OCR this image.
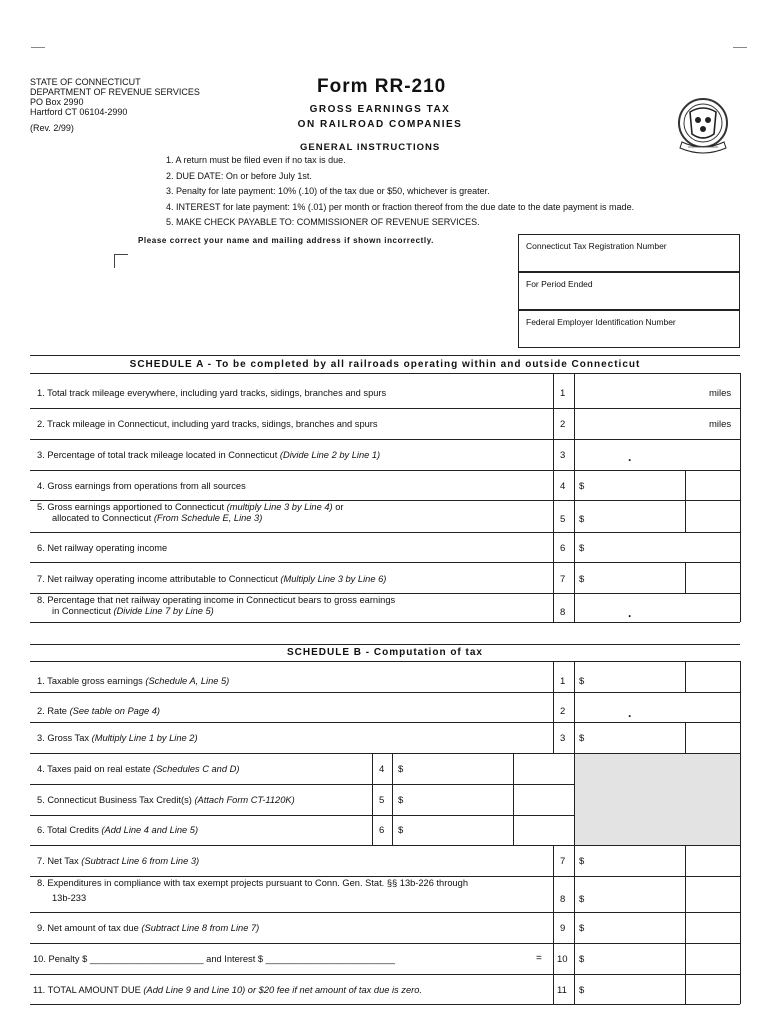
STATE OF CONNECTICUT
DEPARTMENT OF REVENUE SERVICES
PO Box 2990
Hartford CT 06104-2990
(Rev. 2/99)
Form RR-210
GROSS EARNINGS TAX
ON RAILROAD COMPANIES
GENERAL INSTRUCTIONS
1. A return must be filed even if no tax is due.
2. DUE DATE: On or before July 1st.
3. Penalty for late payment: 10% (.10) of the tax due or $50, whichever is greater.
4. INTEREST for late payment: 1% (.01) per month or fraction thereof from the due date to the date payment is made.
5. MAKE CHECK PAYABLE TO: COMMISSIONER OF REVENUE SERVICES.
Please correct your name and mailing address if shown incorrectly.
Connecticut Tax Registration Number
For Period Ended
Federal Employer Identification Number
SCHEDULE A - To be completed by all railroads operating within and outside Connecticut
1. Total track mileage everywhere, including yard tracks, sidings, branches and spurs	1	miles
2. Track mileage in Connecticut, including yard tracks, sidings, branches and spurs	2	miles
3. Percentage of total track mileage located in Connecticut (Divide Line 2 by Line 1)	3	.
4. Gross earnings from operations from all sources	4 $
5. Gross earnings apportioned to Connecticut (multiply Line 3 by Line 4) or
allocated to Connecticut (From Schedule E, Line 3)	5 $
6. Net railway operating income	6 $
7. Net railway operating income attributable to Connecticut (Multiply Line 3 by Line 6)	7 $
8. Percentage that net railway operating income in Connecticut bears to gross earnings
in Connecticut (Divide Line 7 by Line 5)	8	.
SCHEDULE B - Computation of tax
1. Taxable gross earnings (Schedule A, Line 5)	1 $
2. Rate (See table on Page 4)	2	.
3. Gross Tax (Multiply Line 1 by Line 2)	3 $
4. Taxes paid on real estate (Schedules C and D)	4 $
5. Connecticut Business Tax Credit(s) (Attach Form CT-1120K)	5 $
6. Total Credits (Add Line 4 and Line 5)	6 $
7. Net Tax (Subtract Line 6 from Line 3)	7 $
8. Expenditures in compliance with tax exempt projects pursuant to Conn. Gen. Stat. §§ 13b-226 through
13b-233	8 $
9. Net amount of tax due (Subtract Line 8 from Line 7)	9 $
10. Penalty $ ______________________ and Interest $ _________________________	= 10 $
11. TOTAL AMOUNT DUE (Add Line 9 and Line 10) or $20 fee if net amount of tax due is zero.	11 $
